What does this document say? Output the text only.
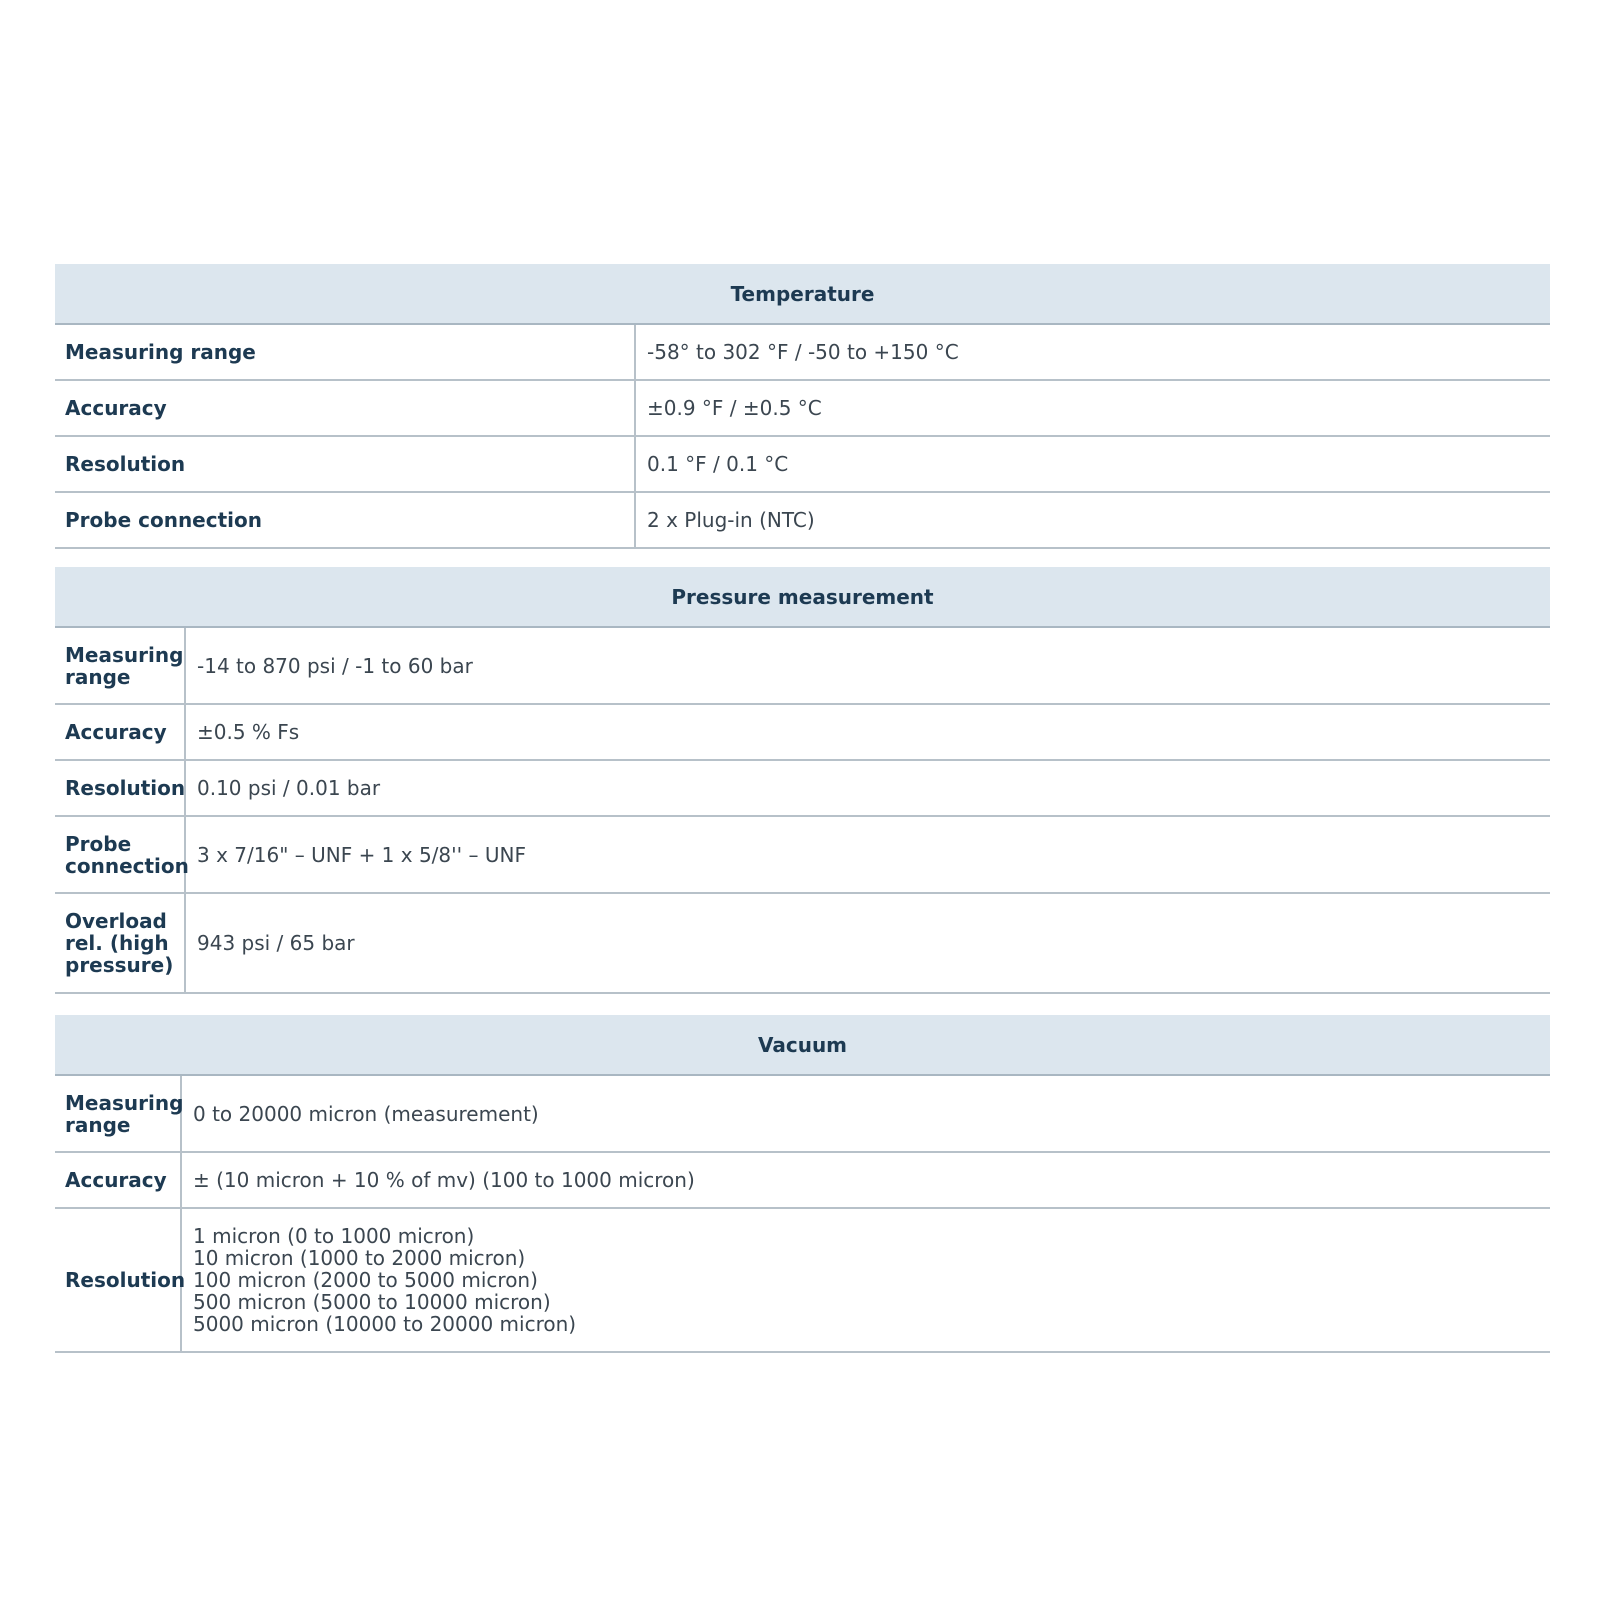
Temperature	
Measuring range	-58° to 302 °F / -50 to +150 °C
Accuracy	±0.9 °F / ±0.5 °C
Resolution	0.1 °F / 0.1 °C
Probe connection	2 x Plug-in (NTC)
Pressure measurement	
Measuring range	-14 to 870 psi / -1 to 60 bar
Accuracy	±0.5 % Fs
Resolution	0.10 psi / 0.01 bar
Probe connection	3 x 7/16" – UNF + 1 x 5/8'' – UNF
Overload rel. (high pressure)	943 psi / 65 bar
Vacuum	
Measuring range	0 to 20000 micron (measurement)
Accuracy	± (10 micron + 10 % of mv) (100 to 1000 micron)
Resolution	1 micron (0 to 1000 micron)
10 micron (1000 to 2000 micron)
100 micron (2000 to 5000 micron)
500 micron (5000 to 10000 micron)
5000 micron (10000 to 20000 micron)
